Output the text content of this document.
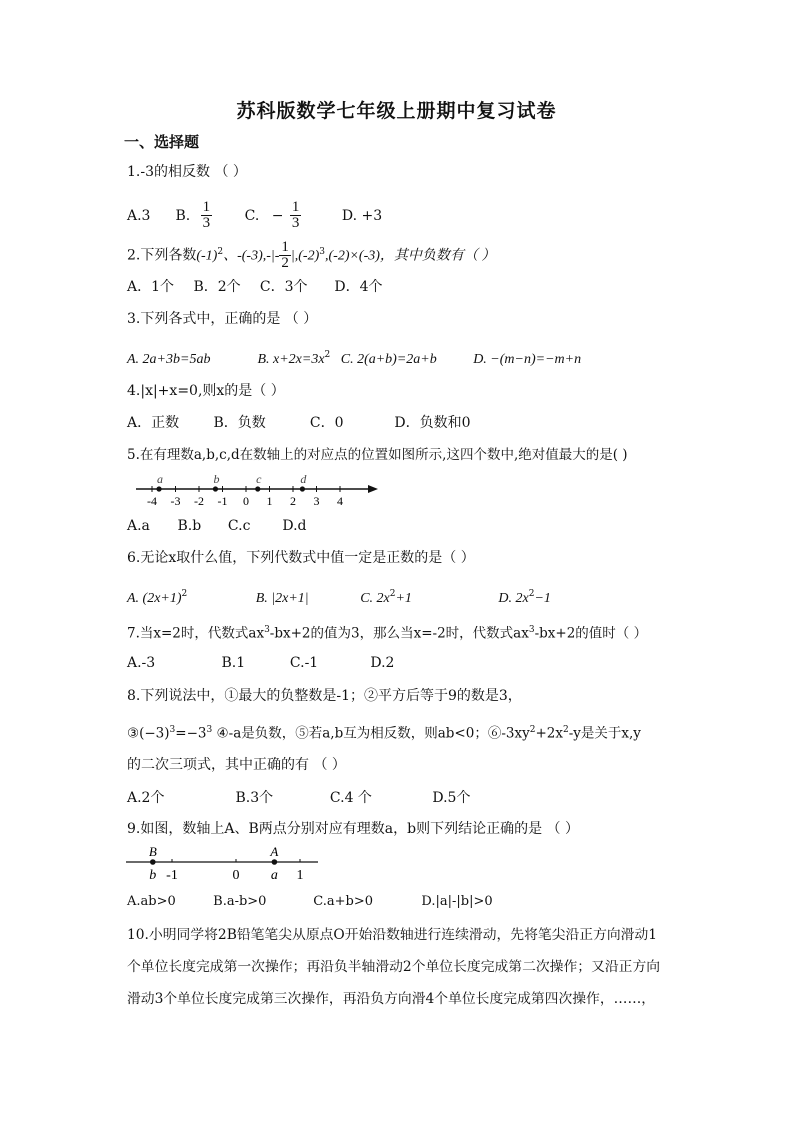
苏科版数学七年级上册期中复习试卷
一、选择题
1.-3的相反数 （ ）
A.3 B. $\frac{1}{3} C$. − $\frac{1}{3}$	D. +3
2.下列各数$(-1)^2$、$-(-3),-|- \frac{1}{2} |,(-2)^3,(-2)\times(-3)$，其中负数有（ ）
A．1个 B．2个 C．3个 D．4个
3.下列各式中，正确的是 （ ）
A. 2a+3b=5ab	B. $x+2x=3x^2$ C. 2(a+b)=2a+b	D. −(m−n)=−m+n
4.|x|+x=0,则x的是（ ）
A．正数 B．负数	C．0	D．负数和0
5.在有理数a,b,c,d在数轴上的对应点的位置如图所示,这四个数中,绝对值最大的是( )
-4 -3 -2 -1 0 1 2 3 4
a	b	c	d
A.a B.b C.c D.d
6.无论x取什么值，下列代数式中值一定是正数的是（ ）
A. $(2x+1)^2$	B. |2x+1|	C. $2x^2+1$	D. $2x^2-1$
7.当x=2时，代数式$ax^3-bx+2$的值为3，那么当x=-2时，代数式$ax^3-bx+2$的值时（ ）
A.-3	B.1	C.-1	D.2
8.下列说法中，①最大的负整数是-1；②平方后等于9的数是3，
$③(-3)^3=-3^3$ ④-a是负数，⑤若a,b互为相反数，则ab<0；$⑥-3xy^2+2x^2-y$是关于x,y
的二次三项式，其中正确的有 （ ）
A.2个	B.3个	C.4 个	D.5个
9.如图，数轴上A、B两点分别对应有理数a，b则下列结论正确的是 （ ）
-1	0	1
B
b
A
a
A.ab>0	B.a-b>0	C.a+b>0	D.|a|-|b|>0
10.小明同学将2B铅笔笔尖从原点O开始沿数轴进行连续滑动，先将笔尖沿正方向滑动1
个单位长度完成第一次操作；再沿负半轴滑动2个单位长度完成第二次操作；又沿正方向
滑动3个单位长度完成第三次操作，再沿负方向滑4个单位长度完成第四次操作，……，
